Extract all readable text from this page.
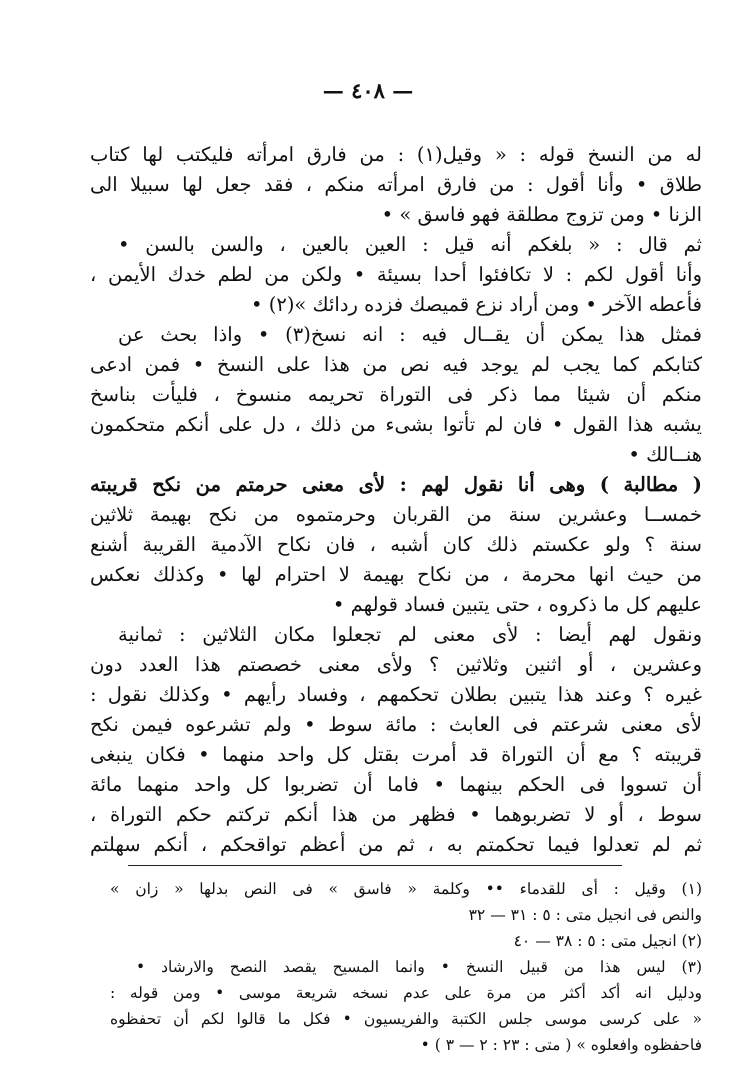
— ٤٠٨ —
له من النسخ قوله : « وقيل(١) : من فارق امرأته فليكتب لها كتاب
طلاق • وأنا أقول : من فارق امرأته منكم ، فقد جعل لها سبيلا الى
الزنا • ومن تزوج مطلقة فهو فاسق » •
ثم قال : « بلغكم أنه قيل : العين بالعين ، والسن بالسن •
وأنا أقول لكم : لا تكافئوا أحدا بسيئة • ولكن من لطم خدك الأيمن ،
فأعطه الآخر • ومن أراد نزع قميصك فزده ردائك »(٢) •
فمثل هذا يمكن أن يقــال فيه : انه نسخ(٣) • واذا بحث عن
كتابكم كما يجب لم يوجد فيه نص من هذا على النسخ • فمن ادعى
منكم أن شيئا مما ذكر فى التوراة تحريمه منسوخ ، فليأت بناسخ
يشبه هذا القول • فان لم تأتوا بشىء من ذلك ، دل على أنكم متحكمون
هنــالك •
( مطالبة ) وهى أنا نقول لهم : لأى معنى حرمتم من نكح قريبته
خمســا وعشرين سنة من القربان وحرمتموه من نكح بهيمة ثلاثين
سنة ؟ ولو عكستم ذلك كان أشبه ، فان نكاح الآدمية القريبة أشنع
من حيث انها محرمة ، من نكاح بهيمة لا احترام لها • وكذلك نعكس
عليهم كل ما ذكروه ، حتى يتبين فساد قولهم •
ونقول لهم أيضا : لأى معنى لم تجعلوا مكان الثلاثين : ثمانية
وعشرين ، أو اثنين وثلاثين ؟ ولأى معنى خصصتم هذا العدد دون
غيره ؟ وعند هذا يتبين بطلان تحكمهم ، وفساد رأيهم • وكذلك نقول :
لأى معنى شرعتم فى العابث : مائة سوط • ولم تشرعوه فيمن نكح
قريبته ؟ مع أن التوراة قد أمرت بقتل كل واحد منهما • فكان ينبغى
أن تسووا فى الحكم بينهما • فاما أن تضربوا كل واحد منهما مائة
سوط ، أو لا تضربوهما • فظهر من هذا أنكم تركتم حكم التوراة ،
ثم لم تعدلوا فيما تحكمتم به ، ثم من أعظم تواقحكم ، أنكم سهلتم
(١) وقيل : أى للقدماء •• وكلمة « فاسق » فى النص بدلها « زان »
والنص فى انجيل متى : ٥ : ٣١ — ٣٢
(٢) انجيل متى : ٥ : ٣٨ — ٤٠
(٣) ليس هذا من قبيل النسخ • وانما المسيح يقصد النصح والارشاد •
ودليل انه أكد أكثر من مرة على عدم نسخه شريعة موسى • ومن قوله :
« على كرسى موسى جلس الكتبة والفريسيون • فكل ما قالوا لكم أن تحفظوه
فاحفظوه وافعلوه » ( متى : ٢٣ : ٢ — ٣ ) •
